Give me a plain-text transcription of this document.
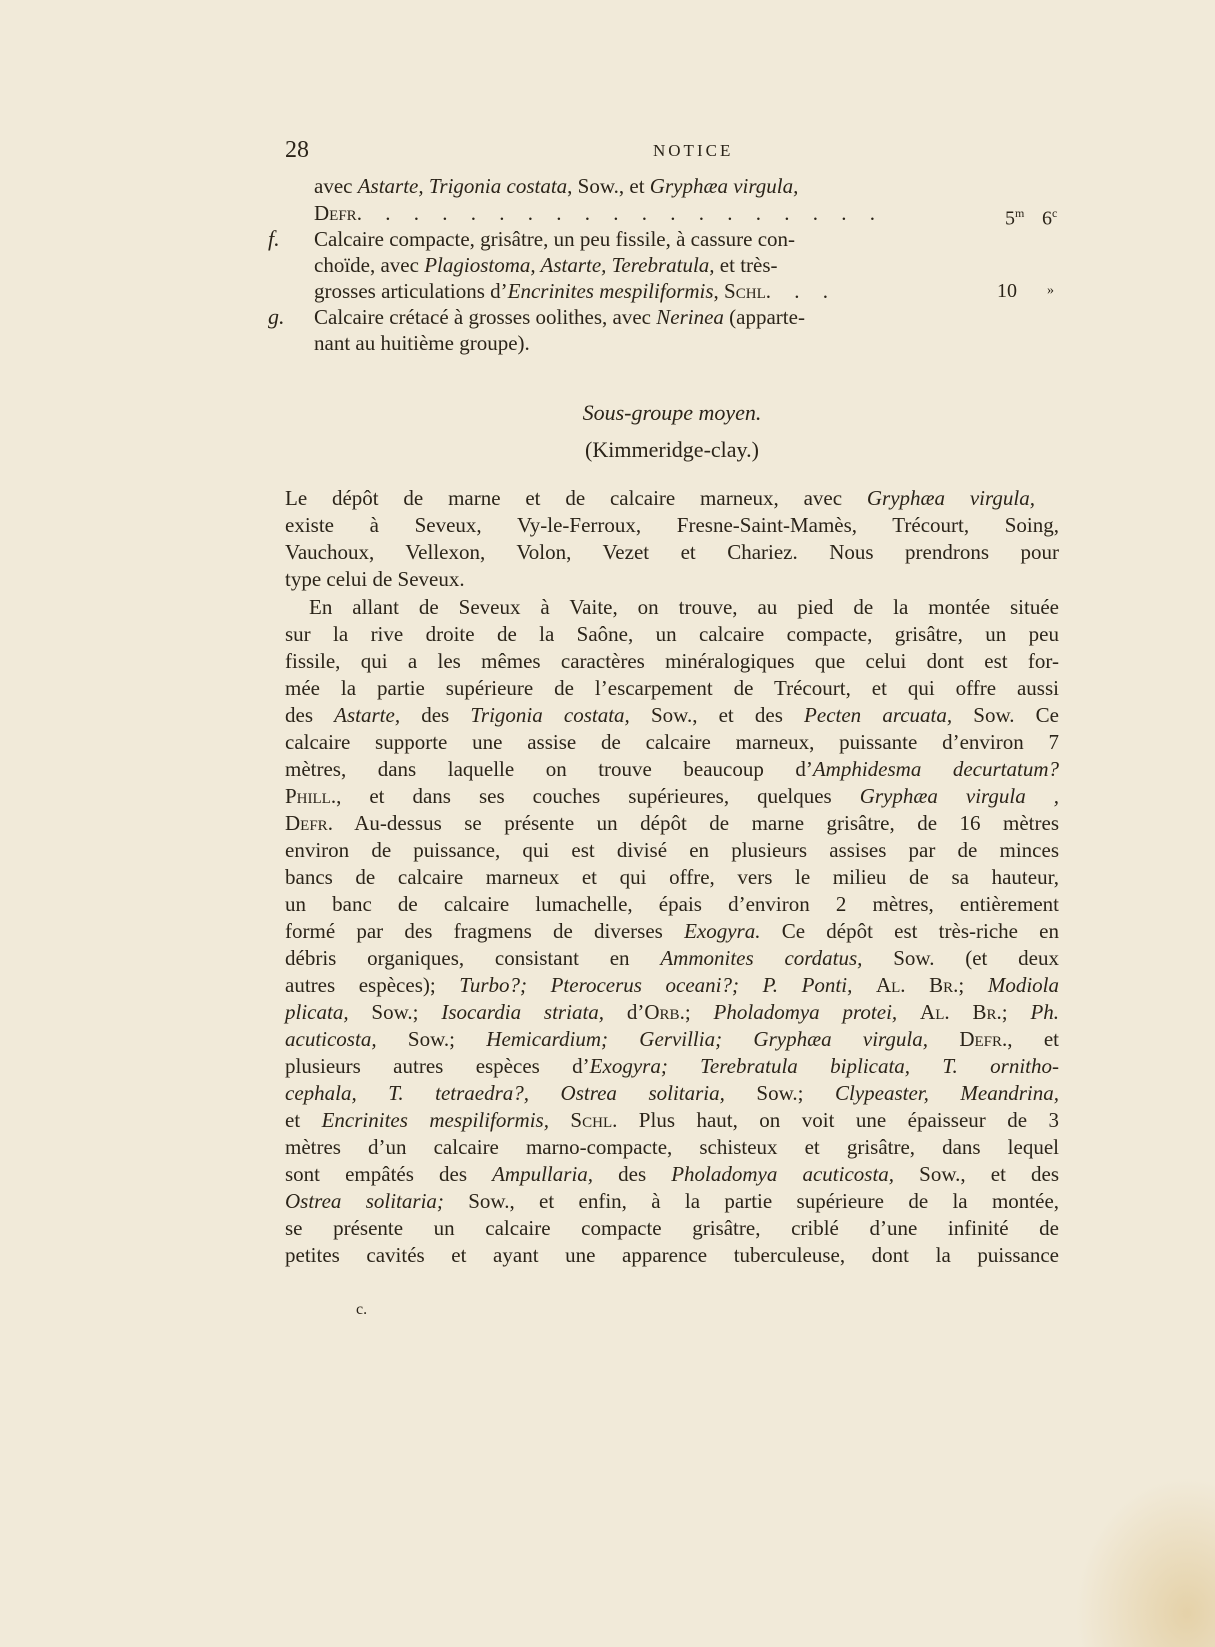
28	NOTICE
avec Astarte, Trigonia costata, Sow., et Gryphæa virgula,
Defr. . . . . . . . . . . . . . . . . . .	5$^m$ 6$^c$
f. Calcaire compacte, grisâtre, un peu fissile, à cassure con-
choïde, avec Plagiostoma, Astarte, Terebratula, et très-
grosses articulations d’Encrinites mespiliformis, Schl. . .	10 »
g. Calcaire crétacé à grosses oolithes, avec Nerinea (apparte-
nant au huitième groupe).
Sous-groupe moyen.
(Kimmeridge-clay.)
Le dépôt de marne et de calcaire marneux, avec Gryphæa virgula,
existe à Seveux, Vy-le-Ferroux, Fresne-Saint-Mamès, Trécourt, Soing,
Vauchoux, Vellexon, Volon, Vezet et Chariez. Nous prendrons pour
type celui de Seveux.
En allant de Seveux à Vaite, on trouve, au pied de la montée située
sur la rive droite de la Saône, un calcaire compacte, grisâtre, un peu
fissile, qui a les mêmes caractères minéralogiques que celui dont est for-
mée la partie supérieure de l’escarpement de Trécourt, et qui offre aussi
des Astarte, des Trigonia costata, Sow., et des Pecten arcuata, Sow. Ce
calcaire supporte une assise de calcaire marneux, puissante d’environ 7
mètres, dans laquelle on trouve beaucoup d’Amphidesma decurtatum?
Phill., et dans ses couches supérieures, quelques Gryphæa virgula ,
Defr. Au-dessus se présente un dépôt de marne grisâtre, de 16 mètres
environ de puissance, qui est divisé en plusieurs assises par de minces
bancs de calcaire marneux et qui offre, vers le milieu de sa hauteur,
un banc de calcaire lumachelle, épais d’environ 2 mètres, entièrement
formé par des fragmens de diverses Exogyra. Ce dépôt est très-riche en
débris organiques, consistant en Ammonites cordatus, Sow. (et deux
autres espèces); Turbo?; Pterocerus oceani?; P. Ponti, Al. Br.; Modiola
plicata, Sow.; Isocardia striata, d’Orb.; Pholadomya protei, Al. Br.; Ph.
acuticosta, Sow.; Hemicardium; Gervillia; Gryphæa virgula, Defr., et
plusieurs autres espèces d’Exogyra; Terebratula biplicata, T. ornitho-
cephala, T. tetraedra?, Ostrea solitaria, Sow.; Clypeaster, Meandrina,
et Encrinites mespiliformis, Schl. Plus haut, on voit une épaisseur de 3
mètres d’un calcaire marno-compacte, schisteux et grisâtre, dans lequel
sont empâtés des Ampullaria, des Pholadomya acuticosta, Sow., et des
Ostrea solitaria; Sow., et enfin, à la partie supérieure de la montée,
se présente un calcaire compacte grisâtre, criblé d’une infinité de
petites cavités et ayant une apparence tuberculeuse, dont la puissance
c.
